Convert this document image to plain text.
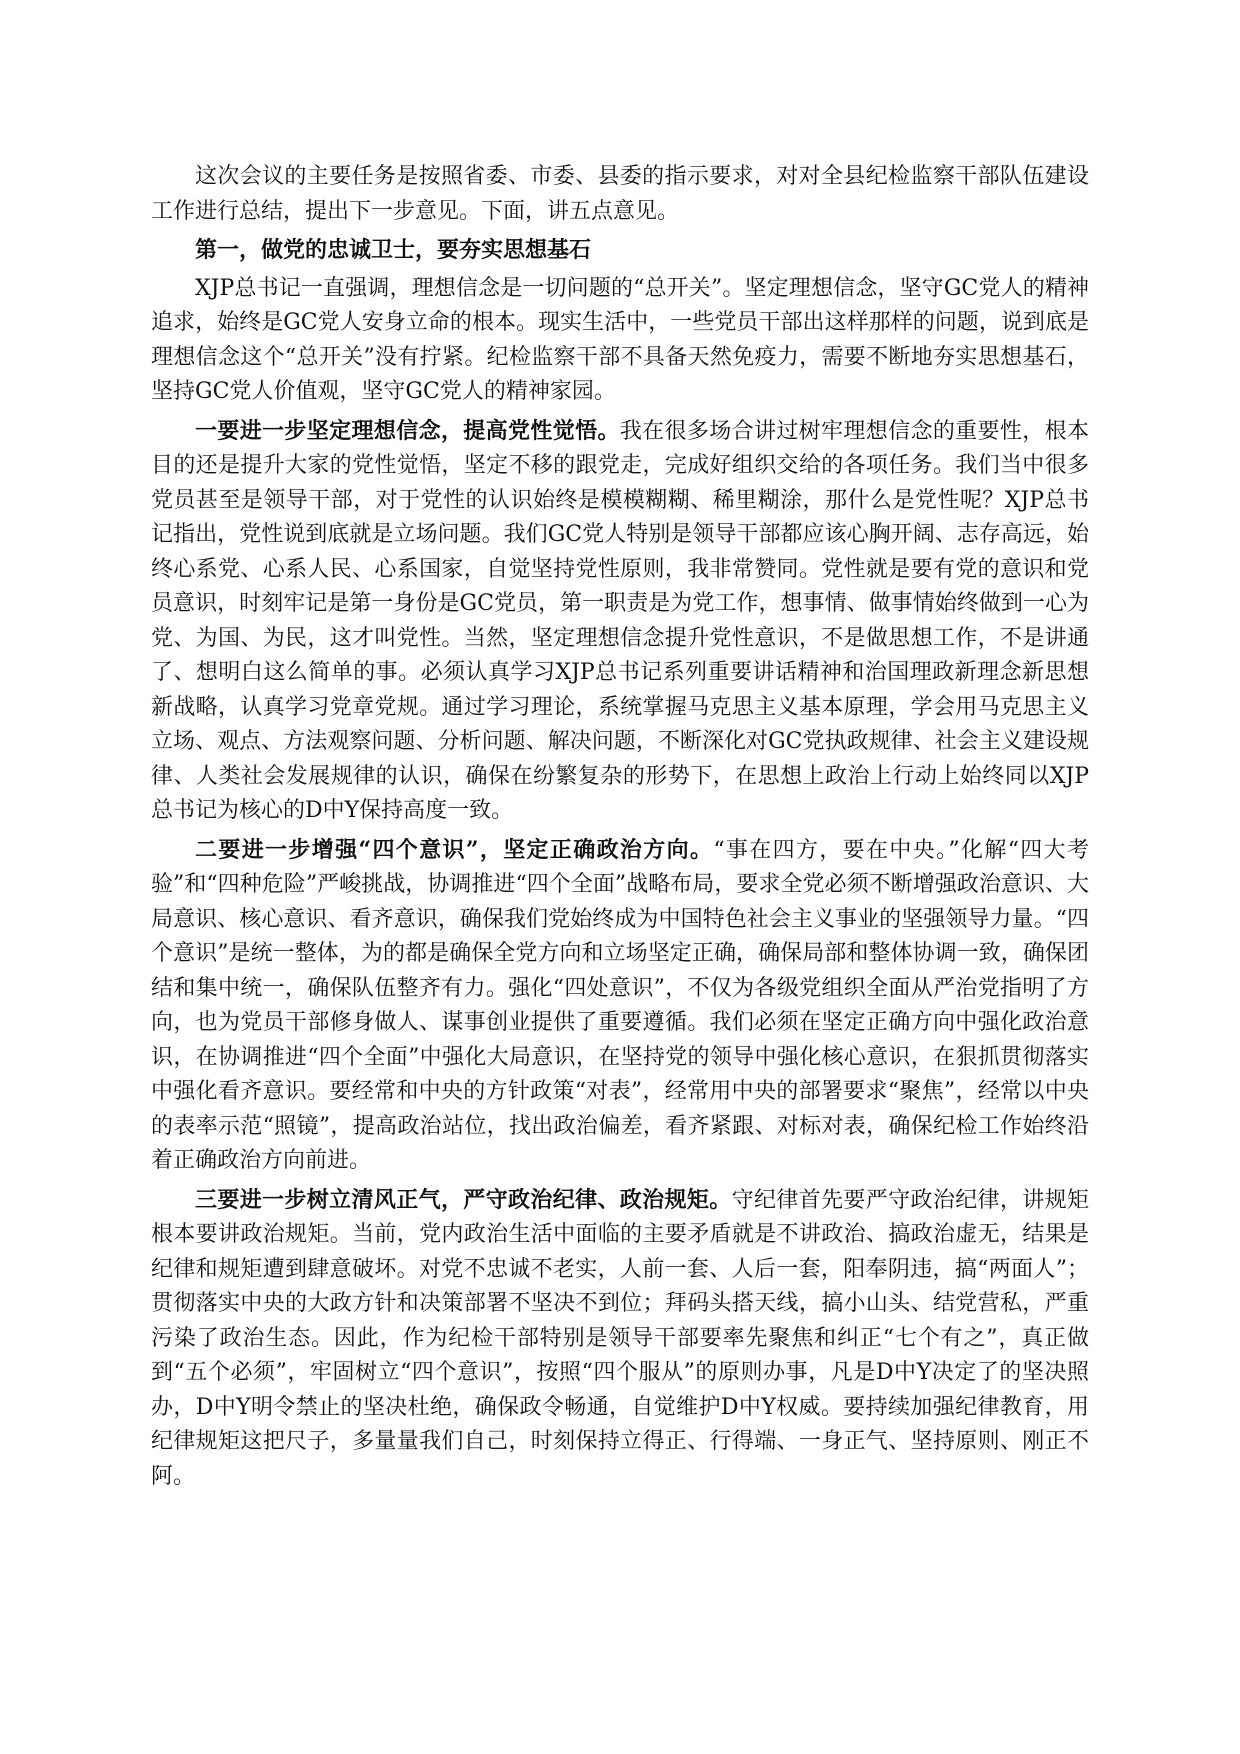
这次会议的主要任务是按照省委、市委、县委的指示要求，对对全县纪检监察干部队伍建设工作进行总结，提出下一步意见。下面，讲五点意见。

第一，做党的忠诚卫士，要夯实思想基石

XJP总书记一直强调，理想信念是一切问题的“总开关”。坚定理想信念，坚守GC党人的精神追求，始终是GC党人安身立命的根本。现实生活中，一些党员干部出这样那样的问题，说到底是理想信念这个“总开关”没有拧紧。纪检监察干部不具备天然免疫力，需要不断地夯实思想基石，坚持GC党人价值观，坚守GC党人的精神家园。

一要进一步坚定理想信念，提高党性觉悟。我在很多场合讲过树牢理想信念的重要性，根本目的还是提升大家的党性觉悟，坚定不移的跟党走，完成好组织交给的各项任务。我们当中很多党员甚至是领导干部，对于党性的认识始终是模模糊糊、稀里糊涂，那什么是党性呢？XJP总书记指出，党性说到底就是立场问题。我们GC党人特别是领导干部都应该心胸开阔、志存高远，始终心系党、心系人民、心系国家，自觉坚持党性原则，我非常赞同。党性就是要有党的意识和党员意识，时刻牢记是第一身份是GC党员，第一职责是为党工作，想事情、做事情始终做到一心为党、为国、为民，这才叫党性。当然，坚定理想信念提升党性意识，不是做思想工作，不是讲通了、想明白这么简单的事。必须认真学习XJP总书记系列重要讲话精神和治国理政新理念新思想新战略，认真学习党章党规。通过学习理论，系统掌握马克思主义基本原理，学会用马克思主义立场、观点、方法观察问题、分析问题、解决问题，不断深化对GC党执政规律、社会主义建设规律、人类社会发展规律的认识，确保在纷繁复杂的形势下，在思想上政治上行动上始终同以XJP总书记为核心的D中Y保持高度一致。

二要进一步增强“四个意识”，坚定正确政治方向。“事在四方，要在中央。”化解“四大考验”和“四种危险”严峻挑战，协调推进“四个全面”战略布局，要求全党必须不断增强政治意识、大局意识、核心意识、看齐意识，确保我们党始终成为中国特色社会主义事业的坚强领导力量。“四个意识”是统一整体，为的都是确保全党方向和立场坚定正确，确保局部和整体协调一致，确保团结和集中统一，确保队伍整齐有力。强化“四处意识”，不仅为各级党组织全面从严治党指明了方向，也为党员干部修身做人、谋事创业提供了重要遵循。我们必须在坚定正确方向中强化政治意识，在协调推进“四个全面”中强化大局意识，在坚持党的领导中强化核心意识，在狠抓贯彻落实中强化看齐意识。要经常和中央的方针政策“对表”，经常用中央的部署要求“聚焦”，经常以中央的表率示范“照镜”，提高政治站位，找出政治偏差，看齐紧跟、对标对表，确保纪检工作始终沿着正确政治方向前进。

三要进一步树立清风正气，严守政治纪律、政治规矩。守纪律首先要严守政治纪律，讲规矩根本要讲政治规矩。当前，党内政治生活中面临的主要矛盾就是不讲政治、搞政治虚无，结果是纪律和规矩遭到肆意破坏。对党不忠诚不老实，人前一套、人后一套，阳奉阴违，搞“两面人”；贯彻落实中央的大政方针和决策部署不坚决不到位；拜码头搭天线，搞小山头、结党营私，严重污染了政治生态。因此，作为纪检干部特别是领导干部要率先聚焦和纠正“七个有之”，真正做到“五个必须”，牢固树立“四个意识”，按照“四个服从”的原则办事，凡是D中Y决定了的坚决照办，D中Y明令禁止的坚决杜绝，确保政令畅通，自觉维护D中Y权威。要持续加强纪律教育，用纪律规矩这把尺子，多量量我们自己，时刻保持立得正、行得端、一身正气、坚持原则、刚正不阿。
